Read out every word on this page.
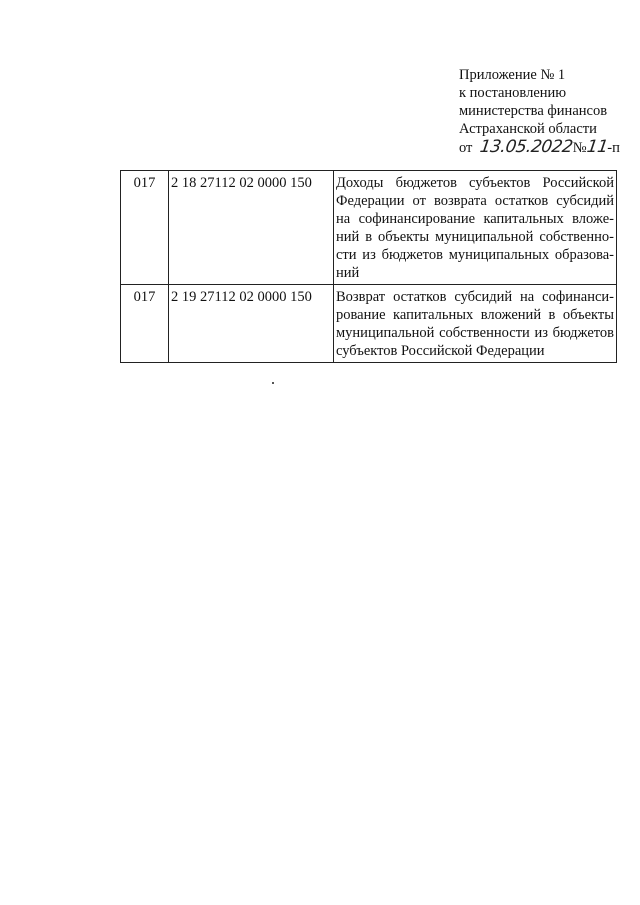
Приложение № 1
к постановлению
министерства финансов
Астраханской области
от 13.05.2022
№
11
-п
017	2 18 27112 02 0000 150	Доходы бюджетов субъектов Российской Федерации от возврата остатков субсидий на софинансирование капитальных вложений в объекты муниципальной собственности из бюджетов муниципальных образований
017	2 19 27112 02 0000 150	Возврат остатков субсидий на софинансирование капитальных вложений в объекты муниципальной собственности из бюджетов субъектов Российской Федерации
